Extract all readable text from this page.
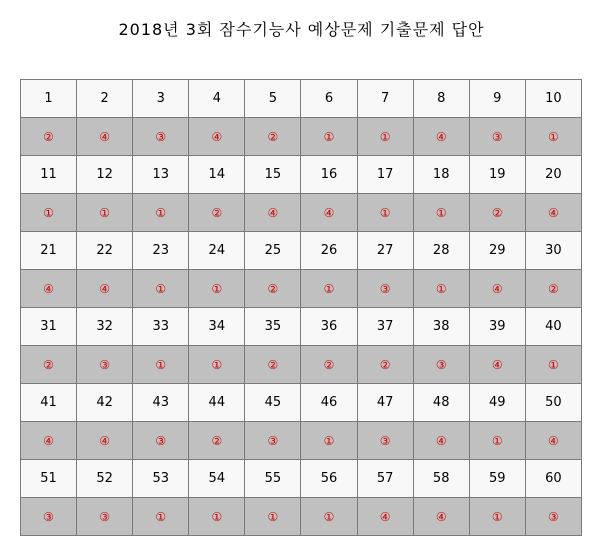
2018년 3회 잠수기능사 예상문제 기출문제 답안
1	2	3	4	5	6	7	8	9	10
②	④	③	④	②	①	①	④	③	①
11	12	13	14	15	16	17	18	19	20
①	①	①	②	④	④	①	①	②	④
21	22	23	24	25	26	27	28	29	30
④	④	①	①	②	①	③	①	④	②
31	32	33	34	35	36	37	38	39	40
②	③	①	①	②	②	②	③	④	①
41	42	43	44	45	46	47	48	49	50
④	④	③	②	③	①	③	④	①	④
51	52	53	54	55	56	57	58	59	60
③	③	①	①	①	①	④	④	①	③
